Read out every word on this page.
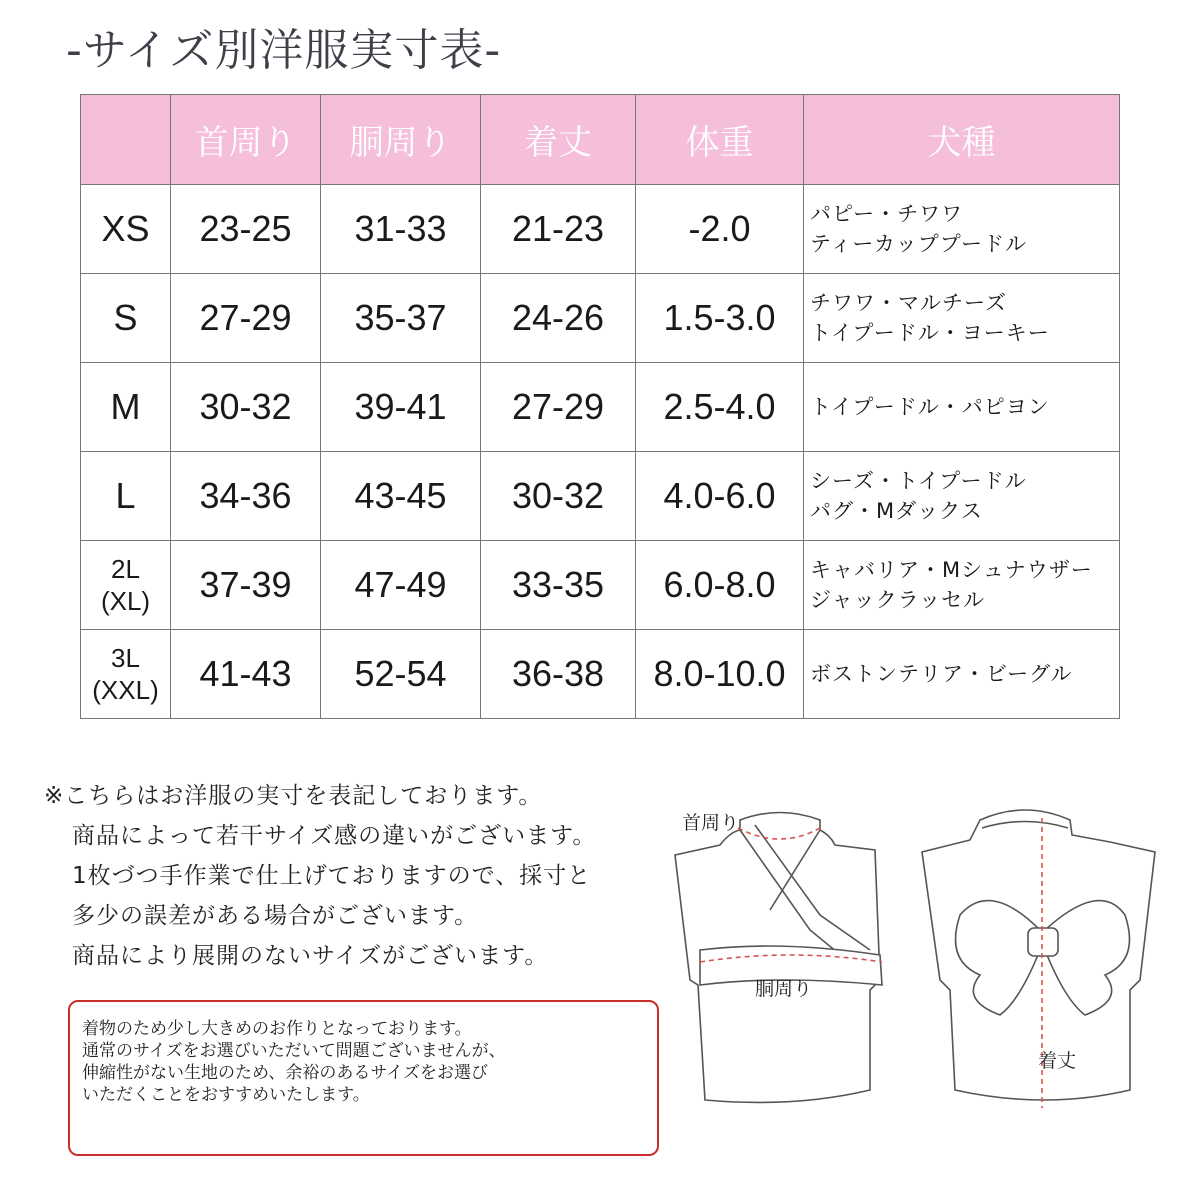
-サイズ別洋服実寸表-
	首周り	胴周り	着丈	体重	犬種

XS	23-25	31-33	21-23	-2.0	パピー・チワワ
ティーカッププードル

S	27-29	35-37	24-26	1.5-3.0	チワワ・マルチーズ
トイプードル・ヨーキー

M	30-32	39-41	27-29	2.5-4.0	トイプードル・パピヨン

L	34-36	43-45	30-32	4.0-6.0	シーズ・トイプードル
パグ・Mダックス

2L
(XL)	37-39	47-49	33-35	6.0-8.0	キャバリア・Mシュナウザー
ジャックラッセル

3L
(XXL)	41-43	52-54	36-38	8.0-10.0	ボストンテリア・ビーグル
※こちらはお洋服の実寸を表記しております。
商品によって若干サイズ感の違いがございます。
1枚づつ手作業で仕上げておりますので、採寸と
多少の誤差がある場合がございます。
商品により展開のないサイズがございます。
着物のため少し大きめのお作りとなっております。
通常のサイズをお選びいただいて問題ございませんが、
伸縮性がない生地のため、余裕のあるサイズをお選び
いただくことをおすすめいたします。
首周り
胴周り
着丈
